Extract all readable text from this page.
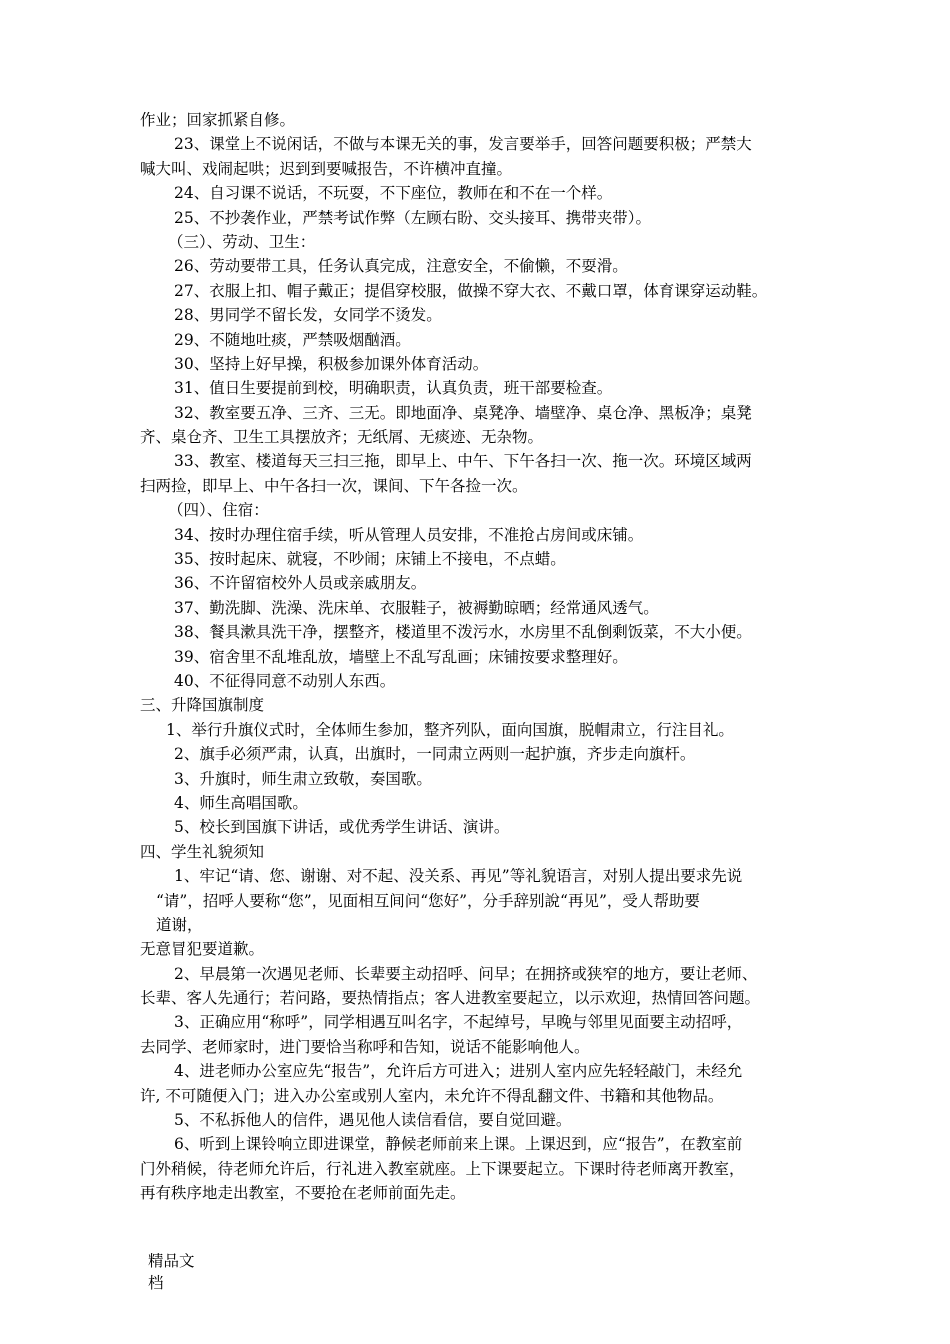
作业；回家抓紧自修。
23、课堂上不说闲话，不做与本课无关的事，发言要举手，回答问题要积极；严禁大
喊大叫、戏闹起哄；迟到到要喊报告，不许横冲直撞。
24、自习课不说话，不玩耍，不下座位，教师在和不在一个样。
25、不抄袭作业，严禁考试作弊（左顾右盼、交头接耳、携带夹带）。
（三）、劳动、卫生：
26、劳动要带工具，任务认真完成，注意安全，不偷懒，不耍滑。
27、衣服上扣、帽子戴正；提倡穿校服，做操不穿大衣、不戴口罩，体育课穿运动鞋。
28、男同学不留长发，女同学不烫发。
29、不随地吐痰，严禁吸烟酗酒。
30、坚持上好早操，积极参加课外体育活动。
31、值日生要提前到校，明确职责，认真负责，班干部要检查。
32、教室要五净、三齐、三无。即地面净、桌凳净、墙壁净、桌仓净、黑板净；桌凳
齐、桌仓齐、卫生工具摆放齐；无纸屑、无痰迹、无杂物。
33、教室、楼道每天三扫三拖，即早上、中午、下午各扫一次、拖一次。环境区域两
扫两捡，即早上、中午各扫一次，课间、下午各捡一次。
（四）、住宿：
34、按时办理住宿手续，听从管理人员安排，不准抢占房间或床铺。
35、按时起床、就寝，不吵闹；床铺上不接电，不点蜡。
36、不许留宿校外人员或亲戚朋友。
37、勤洗脚、洗澡、洗床单、衣服鞋子，被褥勤晾晒；经常通风透气。
38、餐具漱具洗干净，摆整齐，楼道里不泼污水，水房里不乱倒剩饭菜，不大小便。
39、宿舍里不乱堆乱放，墙壁上不乱写乱画；床铺按要求整理好。
40、不征得同意不动别人东西。
三、升降国旗制度
1、举行升旗仪式时，全体师生参加，整齐列队，面向国旗，脱帽肃立，行注目礼。
2、旗手必须严肃，认真，出旗时，一同肃立两则一起护旗，齐步走向旗杆。
3、升旗时，师生肃立致敬，奏国歌。
4、师生高唱国歌。
5、校长到国旗下讲话，或优秀学生讲话、演讲。
四、学生礼貌须知
1、牢记“请、您、谢谢、对不起、没关系、再见”等礼貌语言，对别人提出要求先说
“请”，招呼人要称“您”，见面相互间问“您好”，分手辞别說“再见”，受人帮助要
道谢，
无意冒犯要道歉。
2、早晨第一次遇见老师、长辈要主动招呼、问早；在拥挤或狭窄的地方，要让老师、
长辈、客人先通行；若问路，要热情指点；客人进教室要起立，以示欢迎，热情回答问题。
3、正确应用“称呼”，同学相遇互叫名字，不起绰号，早晚与邻里见面要主动招呼，
去同学、老师家时，进门要恰当称呼和告知，说话不能影响他人。
4、进老师办公室应先“报告”，允许后方可进入；进别人室内应先轻轻敲门，未经允
许, 不可随便入门；进入办公室或别人室内，未允许不得乱翻文件、书籍和其他物品。
5、不私拆他人的信件，遇见他人读信看信，要自觉回避。
6、听到上课铃响立即进课堂，静候老师前来上课。上课迟到，应“报告”，在教室前
门外稍候，待老师允许后，行礼进入教室就座。上下课要起立。下课时待老师离开教室，
再有秩序地走出教室，不要抢在老师前面先走。
精品文
档
